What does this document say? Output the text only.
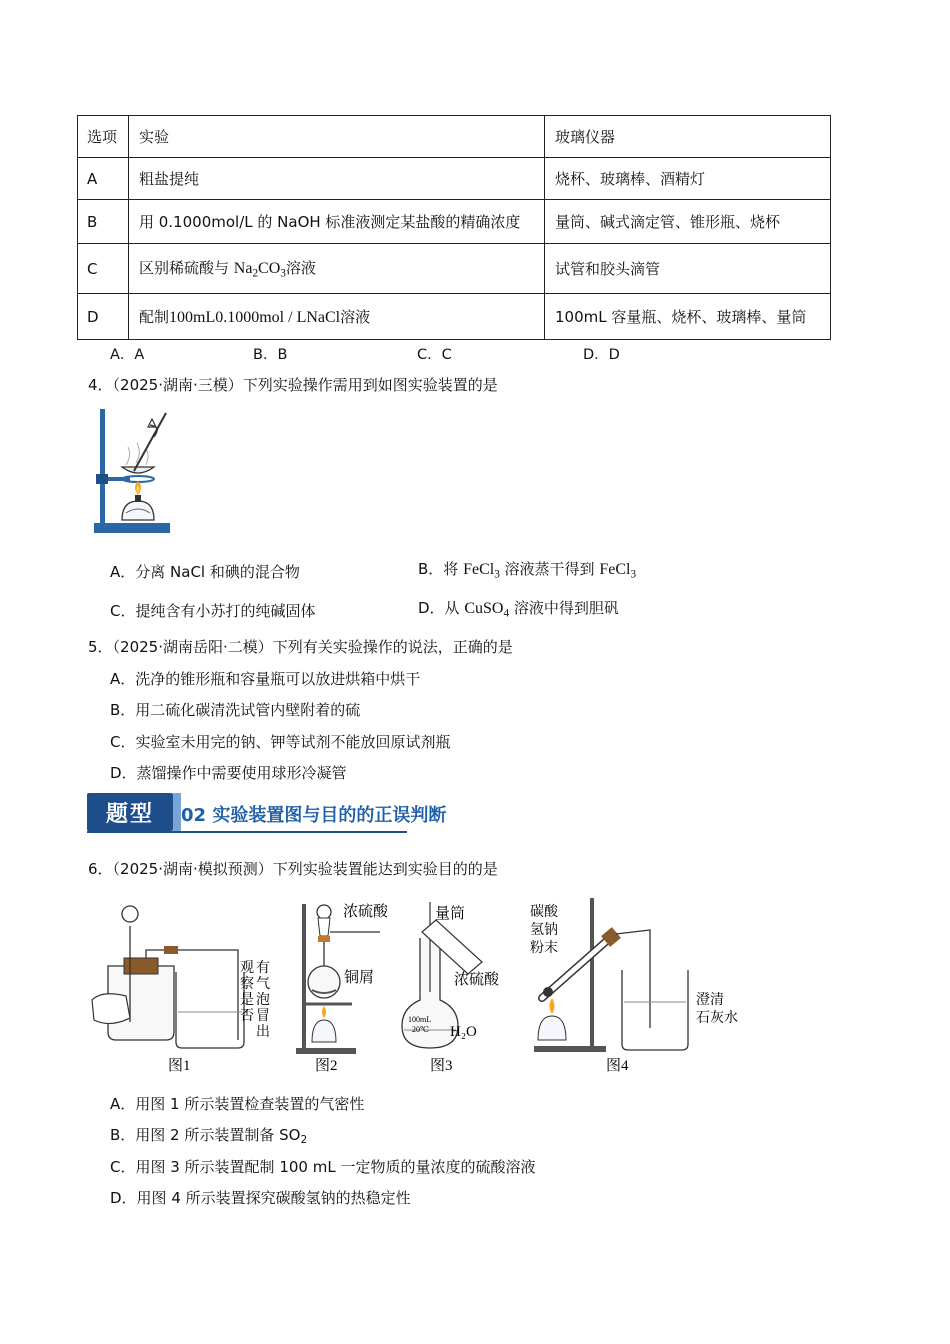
选项	实验	玻璃仪器
A	粗盐提纯	烧杯、玻璃棒、酒精灯
B	用 0.1000mol/L 的 NaOH 标准液测定某盐酸的精确浓度	量筒、碱式滴定管、锥形瓶、烧杯
C	区别稀硫酸与 $Na_2CO_3$溶液	试管和胶头滴管
D	配制100mL0.1000mol / LNaCl溶液	100mL 容量瓶、烧杯、玻璃棒、量筒
A．A	B．B	C．C	D．D
4．（2025·湖南·三模）下列实验操作需用到如图实验装置的是
A．分离 NaCl 和碘的混合物	B．将 FeCl$_3$ 溶液蒸干得到 FeCl$_3$
C．提纯含有小苏打的纯碱固体	D．从 CuSO$_4$ 溶液中得到胆矾
5．（2025·湖南岳阳·二模）下列有关实验操作的说法，正确的是
A．洗净的锥形瓶和容量瓶可以放进烘箱中烘干
B．用二硫化碳清洗试管内壁附着的硫
C．实验室未用完的钠、钾等试剂不能放回原试剂瓶
D．蒸馏操作中需要使用球形冷凝管
题型	02 实验装置图与目的的正误判断
6．（2025·湖南·模拟预测）下列实验装置能达到实验目的的是
观
察
是
否
有
气
泡
冒
出
图1
浓硫酸
铜屑
图2
量筒
浓硫酸
100mL
20℃ H₂O
图3
碳酸
氢钠
粉末
澄清
石灰水
图4
A．用图 1 所示装置检查装置的气密性
B．用图 2 所示装置制备 $SO_2$
C．用图 3 所示装置配制 100 mL 一定物质的量浓度的硫酸溶液
D．用图 4 所示装置探究碳酸氢钠的热稳定性
